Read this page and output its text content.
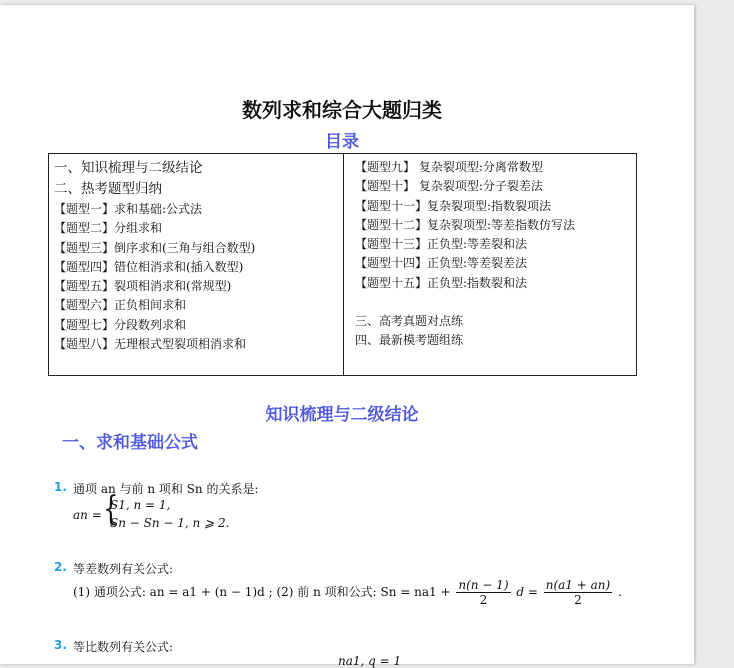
数列求和综合大题归类
目录
一、知识梳理与二级结论
二、热考题型归纳
【题型一】求和基础:公式法
【题型二】分组求和
【题型三】倒序求和(三角与组合数型)
【题型四】错位相消求和(插入数型)
【题型五】裂项相消求和(常规型)
【题型六】正负相间求和
【题型七】分段数列求和
【题型八】无理根式型裂项相消求和
【题型九】 复杂裂项型:分离常数型
【题型十】 复杂裂项型:分子裂差法
【题型十一】复杂裂项型:指数裂项法
【题型十二】复杂裂项型:等差指数仿写法
【题型十三】正负型:等差裂和法
【题型十四】正负型:等差裂差法
【题型十五】正负型:指数裂和法
三、高考真题对点练
四、最新模考题组练
知识梳理与二级结论
一、求和基础公式
1. 通项 an 与前 n 项和 Sn 的关系是:
an = {
S1, n = 1,
Sn − Sn − 1, n ⩾ 2.
2. 等差数列有关公式:
(1) 通项公式: an = a1 + (n − 1)d ; (2) 前 n 项和公式: $Sn = na1 + \frac{n(n - 1)}{2}$ $d = \frac{n(a1 + an)}{2}$ .
3. 等比数列有关公式:
na1, q = 1
